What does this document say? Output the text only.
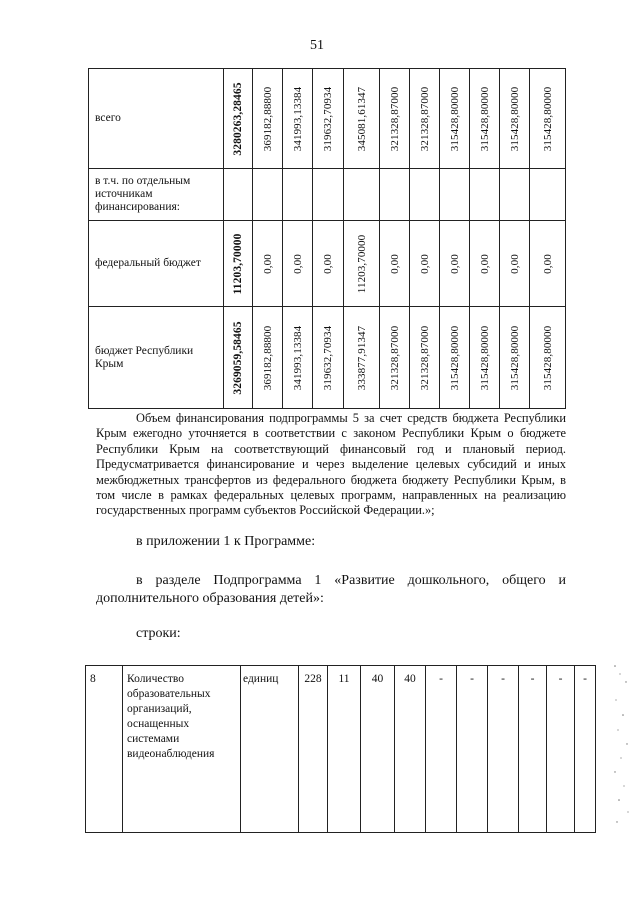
51
всего	3280263,28465	369182,88800	341993,13384	319632,70934	345081,61347	321328,87000	321328,87000	315428,80000	315428,80000	315428,80000	315428,80000

в т.ч. по отдельным источникам финансирования:	

федеральный бюджет	11203,70000	0,00	0,00	0,00	11203,70000	0,00	0,00	0,00	0,00	0,00	0,00

бюджет Республики Крым	3269059,58465	369182,88800	341993,13384	319632,70934	333877,91347	321328,87000	321328,87000	315428,80000	315428,80000	315428,80000	315428,80000

Объем финансирования подпрограммы 5 за счет средств бюджета Республики Крым ежегодно уточняется в соответствии с законом Республики Крым о бюджете Республики Крым на соответствующий финансовый год и плановый период. Предусматривается финансирование и через выделение целевых субсидий и иных межбюджетных трансфертов из федерального бюджета бюджету Республики Крым, в том числе в рамках федеральных целевых программ, направленных на реализацию государственных программ субъектов Российской Федерации.»;

в приложении 1 к Программе:
в разделе Подпрограмма 1 «Развитие дошкольного, общего и дополнительного образования детей»:
строки:
8	Количество образовательных организаций, оснащенных системами видеонаблюдения	единиц	228	11	40	40	-	-	-	-	-	-
